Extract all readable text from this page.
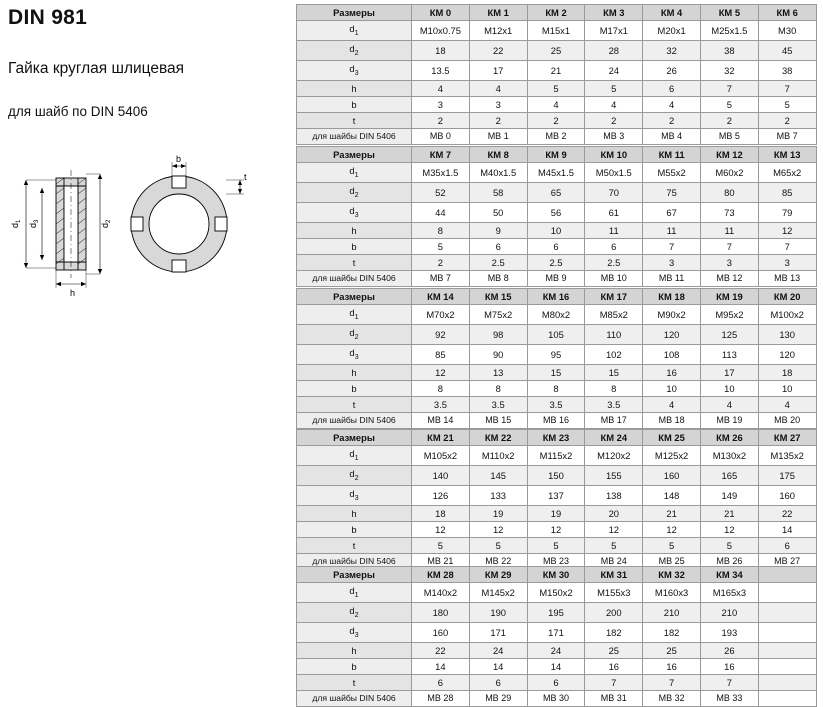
DIN 981
Гайка круглая шлицевая
для шайб по DIN 5406
b
t
h
$d_1$
$d_3$
$d_2$
Размеры	КМ 0	КМ 1	КМ 2	КМ 3	КМ 4	КМ 5	КМ 6
$d_1$	M10x0.75	M12x1	M15x1	M17x1	M20x1	M25x1.5	M30
$d_2$	18	22	25	28	32	38	45
$d_3$	13.5	17	21	24	26	32	38
h	4	4	5	5	6	7	7
b	3	3	4	4	4	5	5
t	2	2	2	2	2	2	2
для шайбы DIN 5406	MB 0	MB 1	MB 2	MB 3	MB 4	MB 5	MB 7
Размеры	КМ 7	КМ 8	КМ 9	КМ 10	КМ 11	КМ 12	КМ 13
$d_1$	M35x1.5	M40x1.5	M45x1.5	M50x1.5	M55x2	M60x2	M65x2
$d_2$	52	58	65	70	75	80	85
$d_3$	44	50	56	61	67	73	79
h	8	9	10	11	11	11	12
b	5	6	6	6	7	7	7
t	2	2.5	2.5	2.5	3	3	3
для шайбы DIN 5406	MB 7	MB 8	MB 9	MB 10	MB 11	MB 12	MB 13
Размеры	КМ 14	КМ 15	КМ 16	КМ 17	КМ 18	КМ 19	КМ 20
$d_1$	M70x2	M75x2	M80x2	M85x2	M90x2	M95x2	M100x2
$d_2$	92	98	105	110	120	125	130
$d_3$	85	90	95	102	108	113	120
h	12	13	15	15	16	17	18
b	8	8	8	8	10	10	10
t	3.5	3.5	3.5	3.5	4	4	4
для шайбы DIN 5406	MB 14	MB 15	MB 16	MB 17	MB 18	MB 19	MB 20
Размеры	КМ 21	КМ 22	КМ 23	КМ 24	КМ 25	КМ 26	КМ 27
$d_1$	M105x2	M110x2	M115x2	M120x2	M125x2	M130x2	M135x2
$d_2$	140	145	150	155	160	165	175
$d_3$	126	133	137	138	148	149	160
h	18	19	19	20	21	21	22
b	12	12	12	12	12	12	14
t	5	5	5	5	5	5	6
для шайбы DIN 5406	MB 21	MB 22	MB 23	MB 24	MB 25	MB 26	MB 27
Размеры	КМ 28	КМ 29	КМ 30	КМ 31	КМ 32	КМ 34	
$d_1$	M140x2	M145x2	M150x2	M155x3	M160x3	M165x3	
$d_2$	180	190	195	200	210	210	
$d_3$	160	171	171	182	182	193	
h	22	24	24	25	25	26	
b	14	14	14	16	16	16	
t	6	6	6	7	7	7	
для шайбы DIN 5406	MB 28	MB 29	MB 30	MB 31	MB 32	MB 33	
